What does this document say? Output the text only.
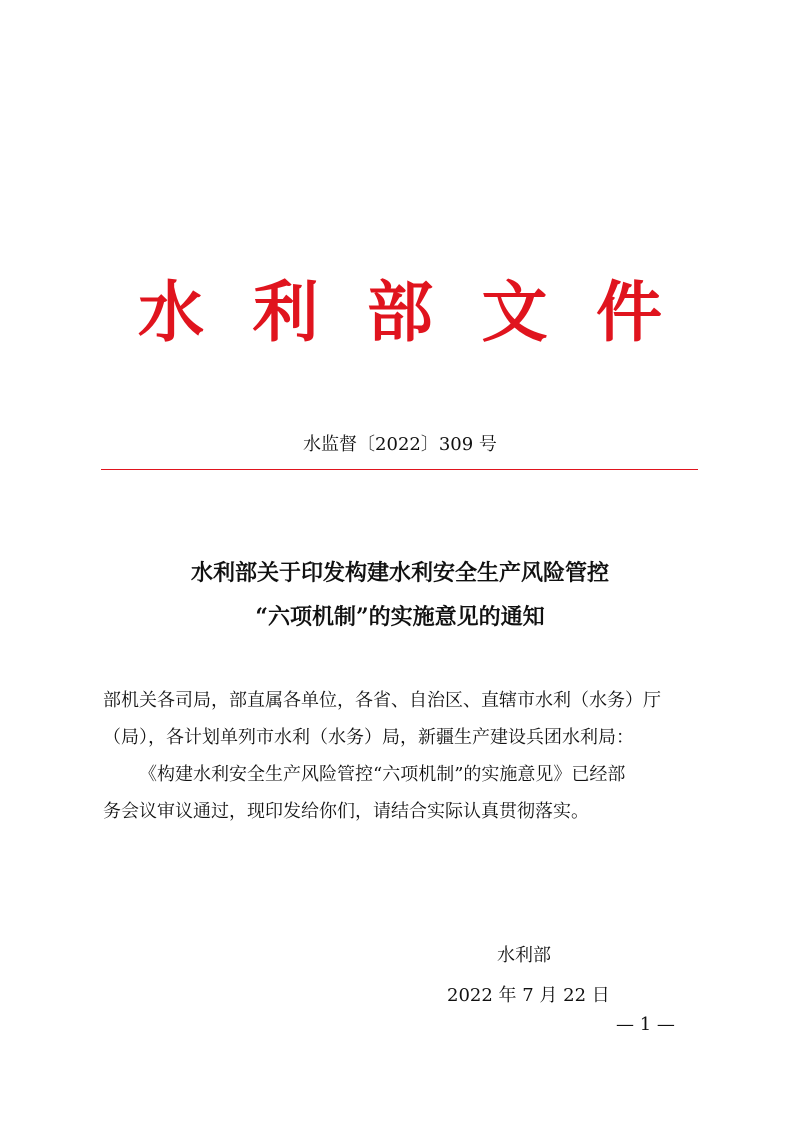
水 利 部 文 件
水监督〔2022〕309 号
水利部关于印发构建水利安全生产风险管控
“六项机制”的实施意见的通知

部机关各司局，部直属各单位，各省、自治区、直辖市水利（水务）厅

（局），各计划单列市水利（水务）局，新疆生产建设兵团水利局：

《构建水利安全生产风险管控“六项机制”的实施意见》已经部

务会议审议通过，现印发给你们，请结合实际认真贯彻落实。

水利部
2022 年 7 月 22 日
— 1 —
